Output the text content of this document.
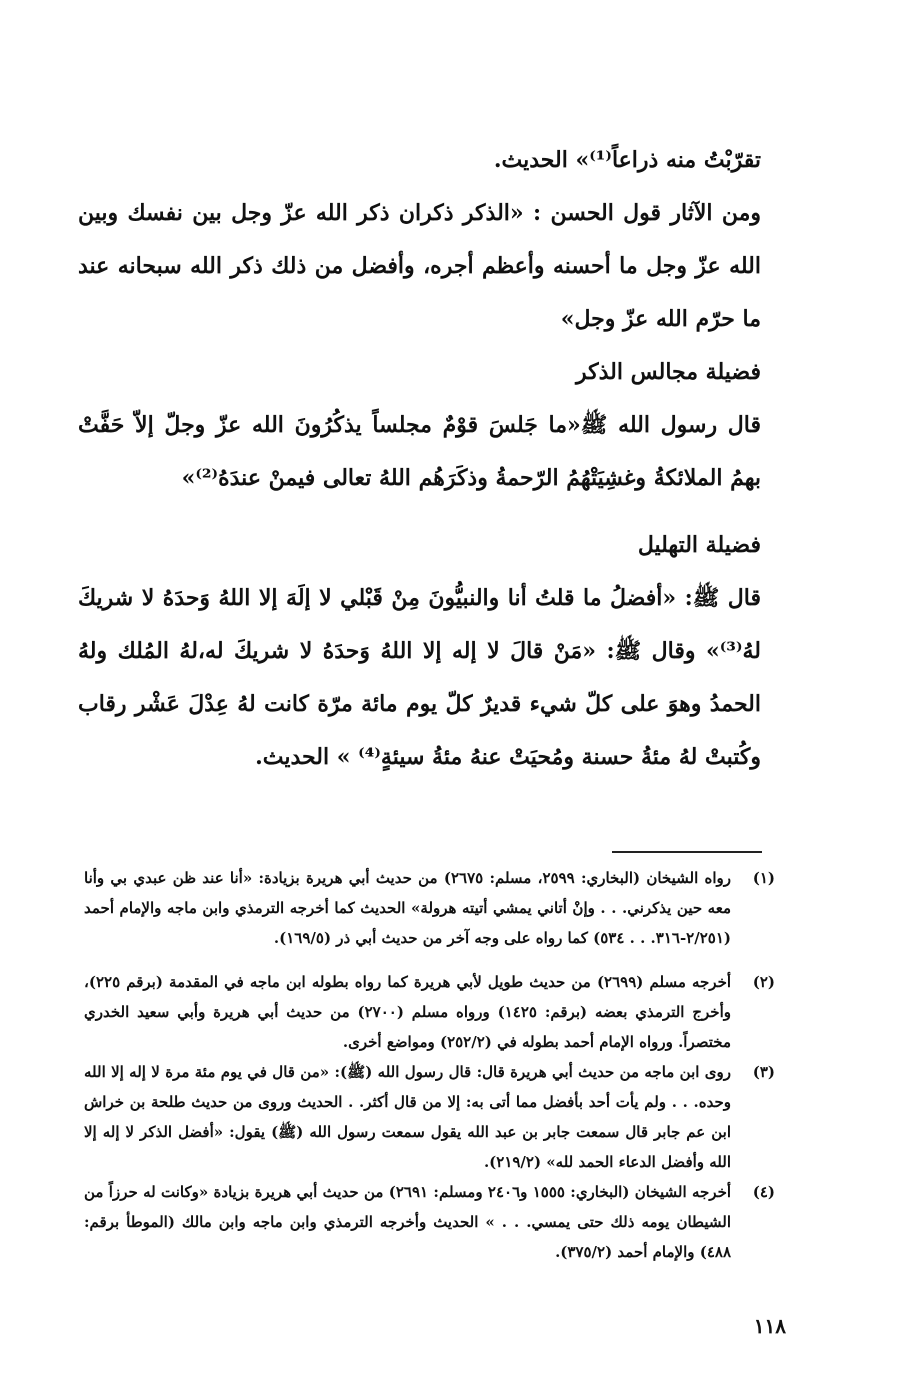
تقرّبْتُ منه ذراعاً⁽¹⁾» الحديث.

ومن الآثار قول الحسن : «الذكر ذكران ذكر الله عزّ وجل بين نفسك وبين الله عزّ وجل ما أحسنه وأعظم أجره، وأفضل من ذلك ذكر الله سبحانه عند ما حرّم الله عزّ وجل»

فضيلة مجالس الذكر

قال رسول الله ﷺ«ما جَلسَ قوْمٌ مجلساً يذكُرُونَ الله عزّ وجلّ إلاّ حَفَّتْ بهمُ الملائكةُ وغشِيَتْهُمُ الرّحمةُ وذكَرَهُم اللهُ تعالى فيمنْ عندَهُ⁽²⁾»

فضيلة التهليل

قال ﷺ: «أفضلُ ما قلتُ أنا والنبيُّونَ مِنْ قَبْلي لا إلَهَ إلا اللهُ وَحدَهُ لا شريكَ لهُ⁽³⁾» وقال ﷺ: «مَنْ قالَ لا إله إلا اللهُ وَحدَهُ لا شريكَ له،لهُ المُلك ولهُ الحمدُ وهوَ على كلّ شيء قديرٌ كلّ يوم مائة مرّة كانت لهُ عِدْلَ عَشْر رقاب وكُتبتْ لهُ مئةُ حسنة ومُحيَتْ عنهُ مئةُ سيئةٍ⁽⁴⁾ » الحديث.

(١)
رواه الشيخان (البخاري: ٢٥٩٩، مسلم: ٢٦٧٥) من حديث أبي هريرة بزيادة: «أنا عند ظن عبدي بي وأنا معه حين يذكرني. . . وإنْ أتاني يمشي أتيته هرولة» الحديث كما أخرجه الترمذي وابن ماجه والإمام أحمد (٢/٢٥١-٣١٦. . . ٥٣٤) كما رواه على وجه آخر من حديث أبي ذر (١٦٩/٥).
(٢)
أخرجه مسلم (٢٦٩٩) من حديث طويل لأبي هريرة كما رواه بطوله ابن ماجه في المقدمة (برقم ٢٢٥)، وأخرج الترمذي بعضه (برقم: ١٤٢٥) ورواه مسلم (٢٧٠٠) من حديث أبي هريرة وأبي سعيد الخدري مختصراً. ورواه الإمام أحمد بطوله في (٢٥٢/٢) ومواضع أخرى.
(٣)
روى ابن ماجه من حديث أبي هريرة قال: قال رسول الله (ﷺ): «من قال في يوم مئة مرة لا إله إلا الله وحده. . . ولم يأت أحد بأفضل مما أتى به: إلا من قال أكثر. . الحديث وروى من حديث طلحة بن خراش ابن عم جابر قال سمعت جابر بن عبد الله يقول سمعت رسول الله (ﷺ) يقول: «أفضل الذكر لا إله إلا الله وأفضل الدعاء الحمد لله» (٢١٩/٢).
(٤)
أخرجه الشيخان (البخاري: ١٥٥٥ و٢٤٠٦ ومسلم: ٢٦٩١) من حديث أبي هريرة بزيادة «وكانت له حرزاً من الشيطان يومه ذلك حتى يمسي. . . » الحديث وأخرجه الترمذي وابن ماجه وابن مالك (الموطأ برقم: ٤٨٨) والإمام أحمد (٣٧٥/٢).
١١٨
